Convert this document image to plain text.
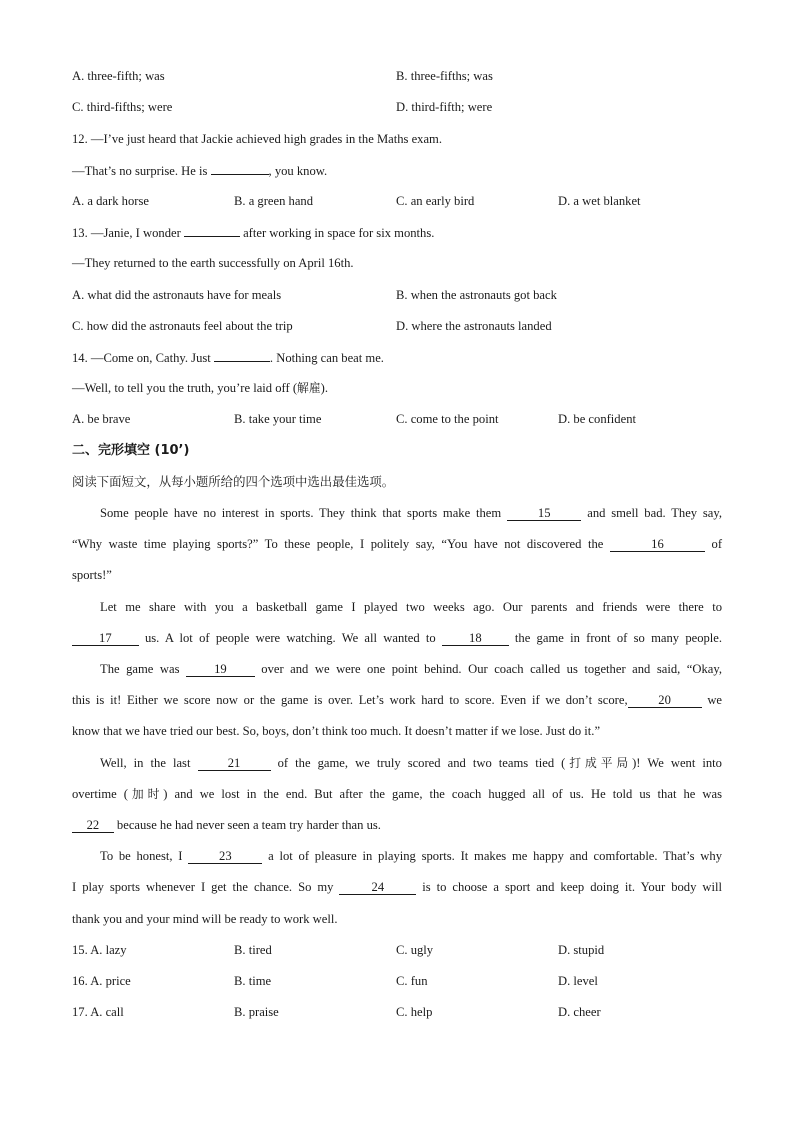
A. three-fifth; was	B. three-fifths; was
C. third-fifths; were	D. third-fifth; were
12. —I’ve just heard that Jackie achieved high grades in the Maths exam.
—That’s no surprise. He is	, you know.
A. a dark horse	B. a green hand	C. an early bird	D. a wet blanket
13. —Janie, I wonder	after working in space for six months.
—They returned to the earth successfully on April 16th.
A. what did the astronauts have for meals	B. when the astronauts got back
C. how did the astronauts feel about the trip	D. where the astronauts landed
14. —Come on, Cathy. Just	. Nothing can beat me.
—Well, to tell you the truth, you’re laid off (解雇).
A. be brave	B. take your time	C. come to the point	D. be confident
二、完形填空 (10’)
阅读下面短文，从每小题所给的四个选项中选出最佳选项。
Some people have no interest in sports. They think that sports make them      15      and smell bad. They say,
“Why waste time playing sports?” To these people, I politely say, “You have not discovered the	16	of
sports!”
Let me share with you a basketball game I played two weeks ago. Our parents and friends were there to
17     us. A lot of people were watching. We all wanted to     18     the game in front of so many people.
The game was     19     over and we were one point behind. Our coach called us together and said, “Okay,
this is it! Either we score now or the game is over. Let’s work hard to score. Even if we don’t score, 20      we
know that we have tried our best. So, boys, don’t think too much. It doesn’t matter if we lose. Just do it.”
Well, in the last     21     of the game, we truly scored and two teams tied (打成平局)! We went into
overtime (加时) and we lost in the end. But after the game, the coach hugged all of us. He told us that he was
22     because he had never seen a team try harder than us.
To be honest, I      23      a lot of pleasure in playing sports. It makes me happy and comfortable. That’s why
I play sports whenever I get the chance. So my	24	is to choose a sport and keep doing it. Your body will
thank you and your mind will be ready to work well.
15. A. lazy	B. tired	C. ugly	D. stupid
16. A. price	B. time	C. fun	D. level
17. A. call	B. praise	C. help	D. cheer
